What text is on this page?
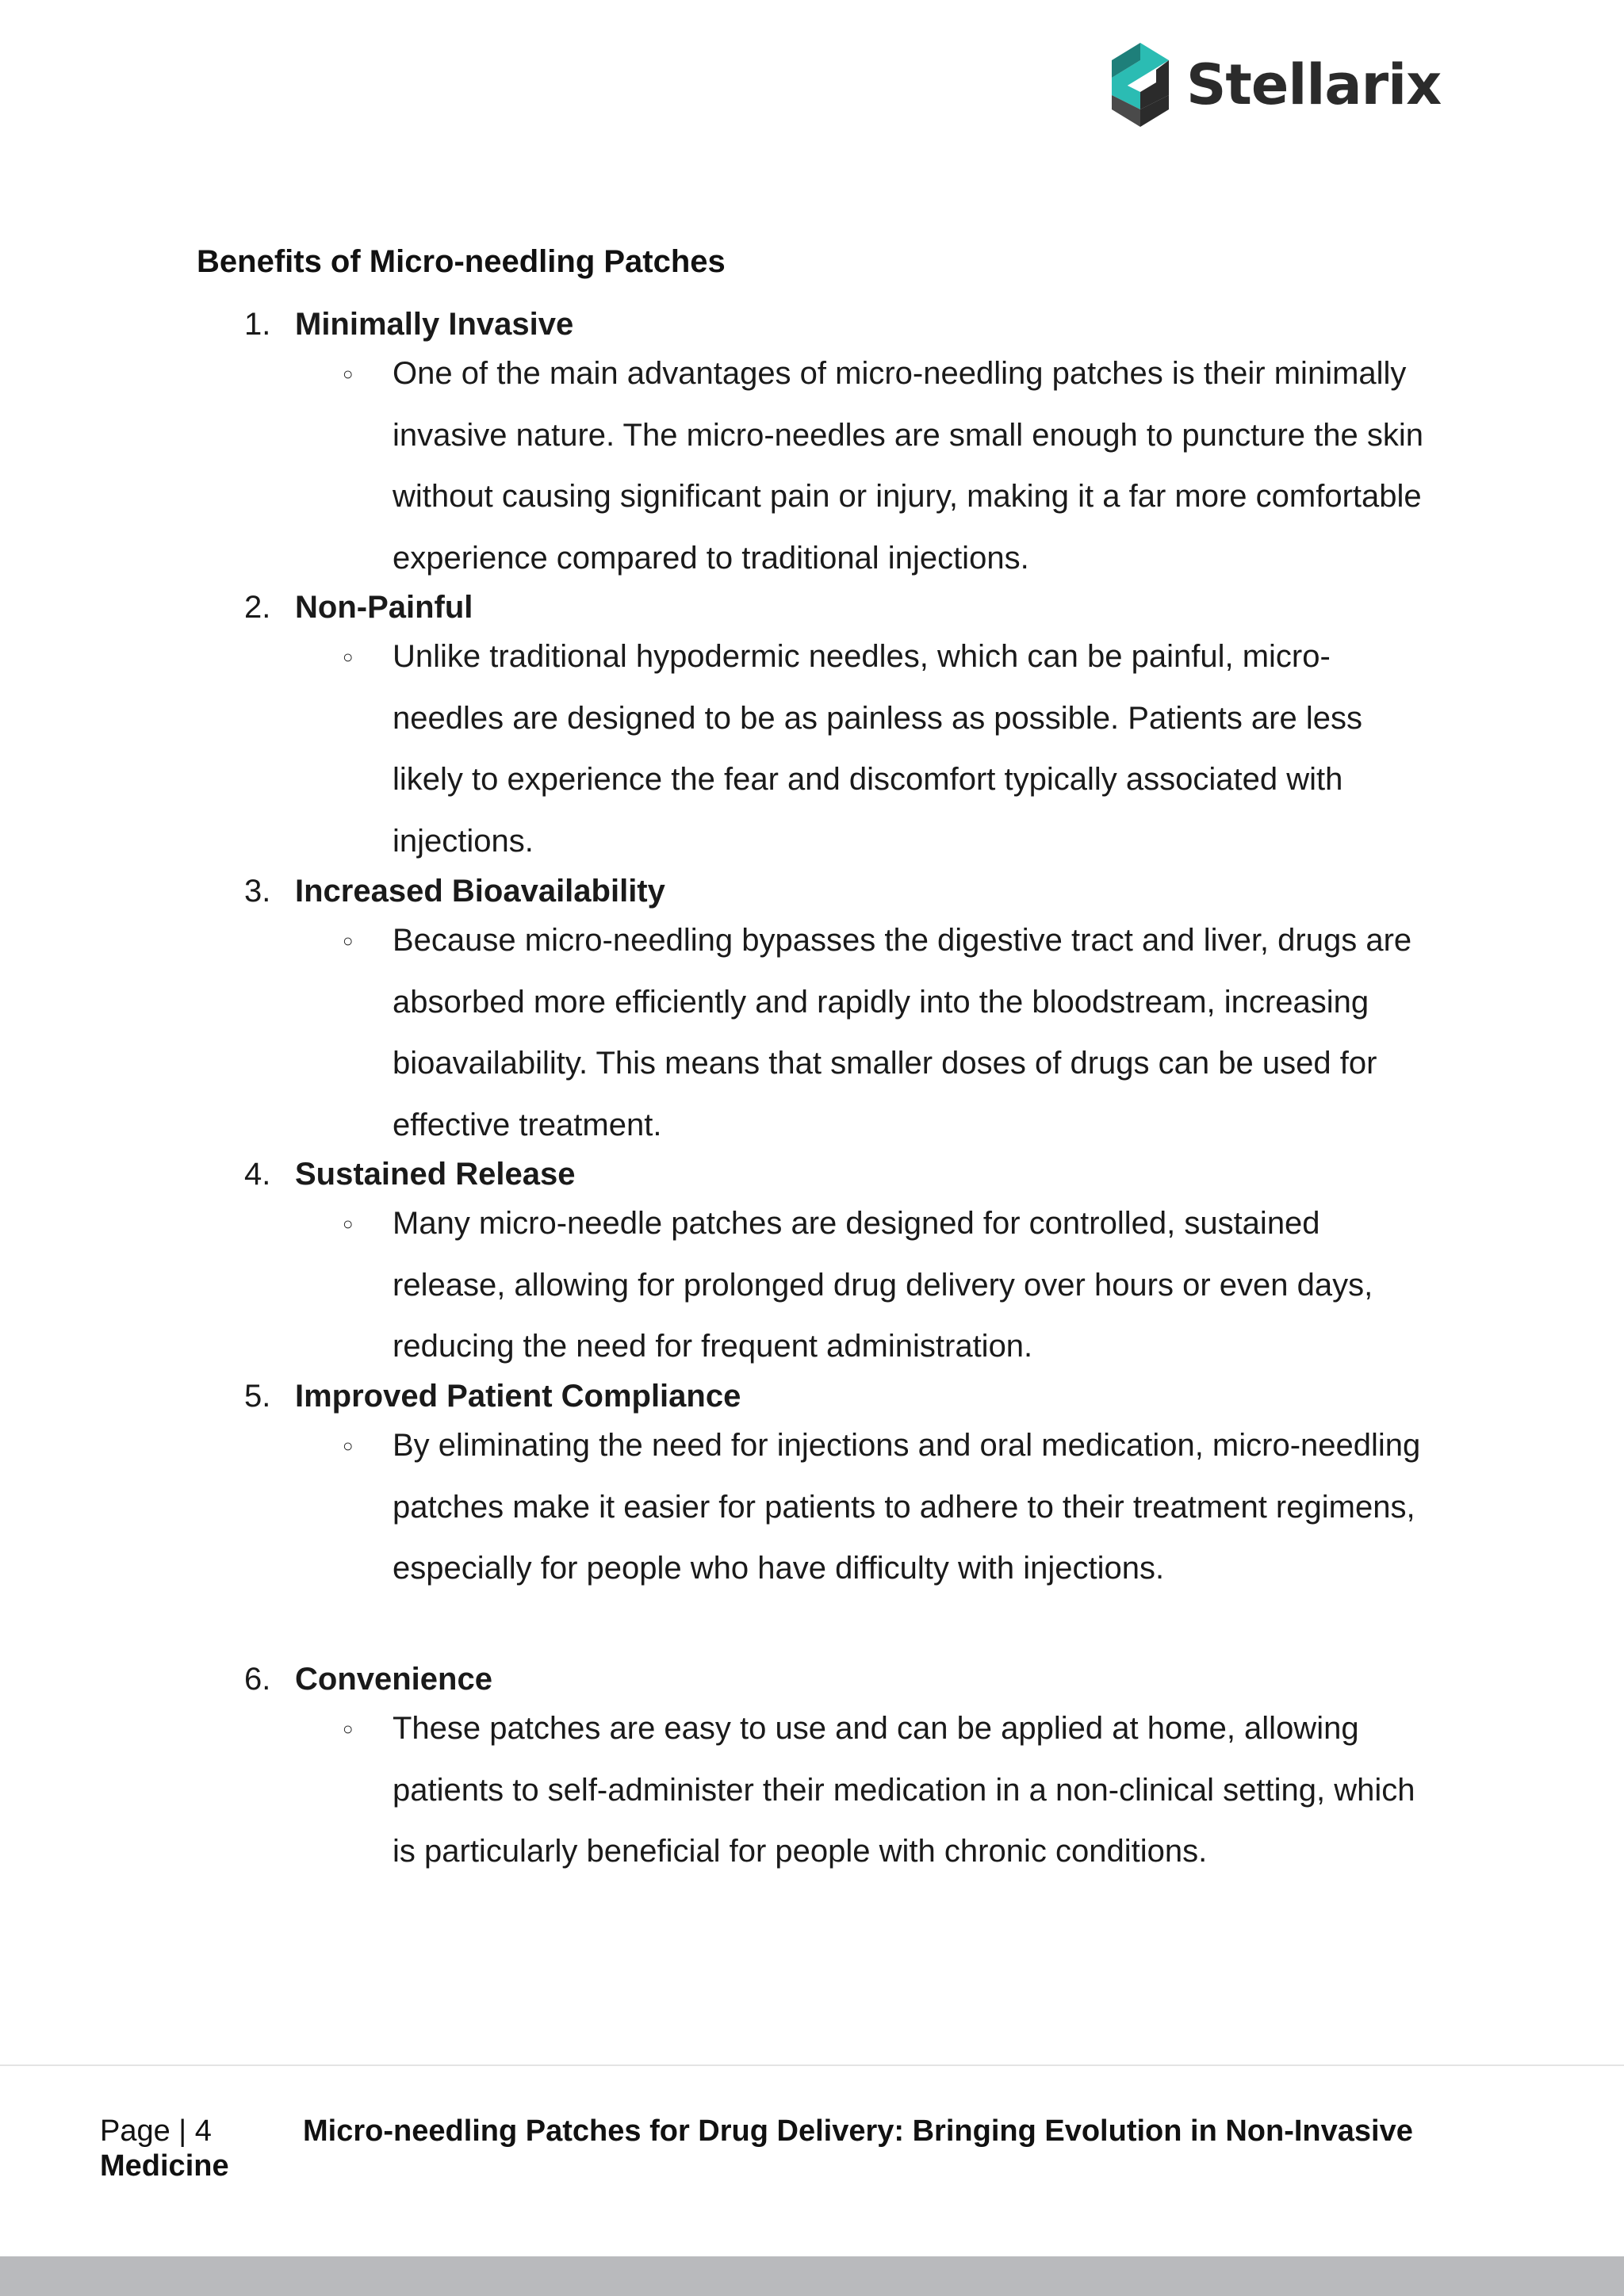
Stellarix
Benefits of Micro-needling Patches
1. Minimally Invasive
○ One of the main advantages of micro-needling patches is their minimally invasive nature. The micro-needles are small enough to puncture the skin without causing significant pain or injury, making it a far more comfortable experience compared to traditional injections.

2. Non-Painful
○ Unlike traditional hypodermic needles, which can be painful, micro-needles are designed to be as painless as possible. Patients are less likely to experience the fear and discomfort typically associated with injections.

3. Increased Bioavailability
○ Because micro-needling bypasses the digestive tract and liver, drugs are absorbed more efficiently and rapidly into the bloodstream, increasing bioavailability. This means that smaller doses of drugs can be used for effective treatment.

4. Sustained Release
○ Many micro-needle patches are designed for controlled, sustained release, allowing for prolonged drug delivery over hours or even days, reducing the need for frequent administration.

5. Improved Patient Compliance
○ By eliminating the need for injections and oral medication, micro-needling patches make it easier for patients to adhere to their treatment regimens, especially for people who have difficulty with injections.

6. Convenience
○ These patches are easy to use and can be applied at home, allowing patients to self-administer their medication in a non-clinical setting, which is particularly beneficial for people with chronic conditions.

Page | 4	Micro-needling Patches for Drug Delivery: Bringing Evolution in Non-Invasive
Medicine
